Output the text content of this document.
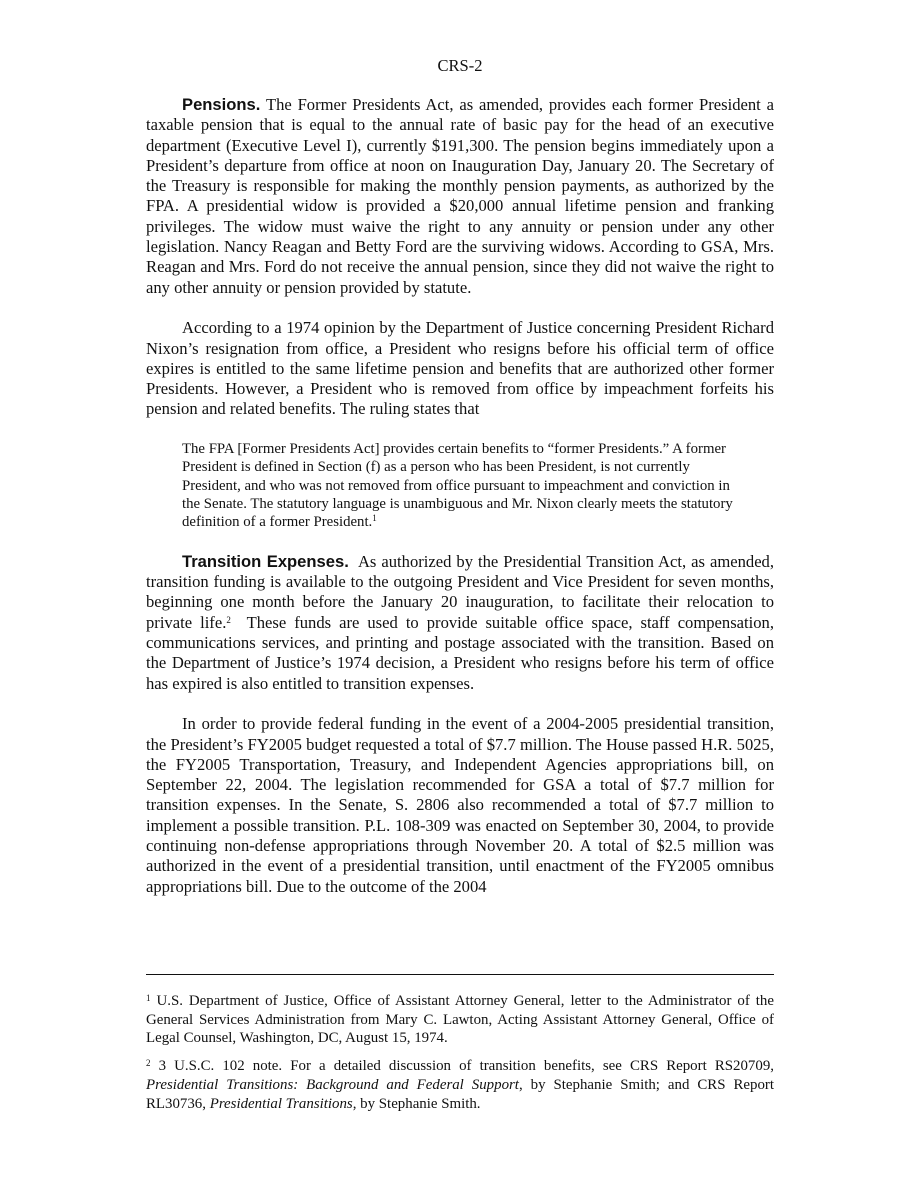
CRS-2

Pensions. The Former Presidents Act, as amended, provides each former President a taxable pension that is equal to the annual rate of basic pay for the head of an executive department (Executive Level I), currently $191,300. The pension begins immediately upon a President’s departure from office at noon on Inauguration Day, January 20. The Secretary of the Treasury is responsible for making the monthly pension payments, as authorized by the FPA. A presidential widow is provided a $20,000 annual lifetime pension and franking privileges. The widow must waive the right to any annuity or pension under any other legislation. Nancy Reagan and Betty Ford are the surviving widows. According to GSA, Mrs. Reagan and Mrs. Ford do not receive the annual pension, since they did not waive the right to any other annuity or pension provided by statute.

According to a 1974 opinion by the Department of Justice concerning President Richard Nixon’s resignation from office, a President who resigns before his official term of office expires is entitled to the same lifetime pension and benefits that are authorized other former Presidents. However, a President who is removed from office by impeachment forfeits his pension and related benefits. The ruling states that

The FPA [Former Presidents Act] provides certain benefits to “former Presidents.” A former President is defined in Section (f) as a person who has been President, is not currently President, and who was not removed from office pursuant to impeachment and conviction in the Senate. The statutory language is unambiguous and Mr. Nixon clearly meets the statutory definition of a former President.$^1$

Transition Expenses. As authorized by the Presidential Transition Act, as amended, transition funding is available to the outgoing President and Vice President for seven months, beginning one month before the January 20 inauguration, to facilitate their relocation to private life.$^2$ These funds are used to provide suitable office space, staff compensation, communications services, and printing and postage associated with the transition. Based on the Department of Justice’s 1974 decision, a President who resigns before his term of office has expired is also entitled to transition expenses.

In order to provide federal funding in the event of a 2004-2005 presidential transition, the President’s FY2005 budget requested a total of $7.7 million. The House passed H.R. 5025, the FY2005 Transportation, Treasury, and Independent Agencies appropriations bill, on September 22, 2004. The legislation recommended for GSA a total of $7.7 million for transition expenses. In the Senate, S. 2806 also recommended a total of $7.7 million to implement a possible transition. P.L. 108-309 was enacted on September 30, 2004, to provide continuing non-defense appropriations through November 20. A total of $2.5 million was authorized in the event of a presidential transition, until enactment of the FY2005 omnibus appropriations bill. Due to the outcome of the 2004

$^1$ U.S. Department of Justice, Office of Assistant Attorney General, letter to the Administrator of the General Services Administration from Mary C. Lawton, Acting Assistant Attorney General, Office of Legal Counsel, Washington, DC, August 15, 1974.

$^2$ 3 U.S.C. 102 note. For a detailed discussion of transition benefits, see CRS Report RS20709, Presidential Transitions: Background and Federal Support, by Stephanie Smith; and CRS Report RL30736, Presidential Transitions, by Stephanie Smith.
